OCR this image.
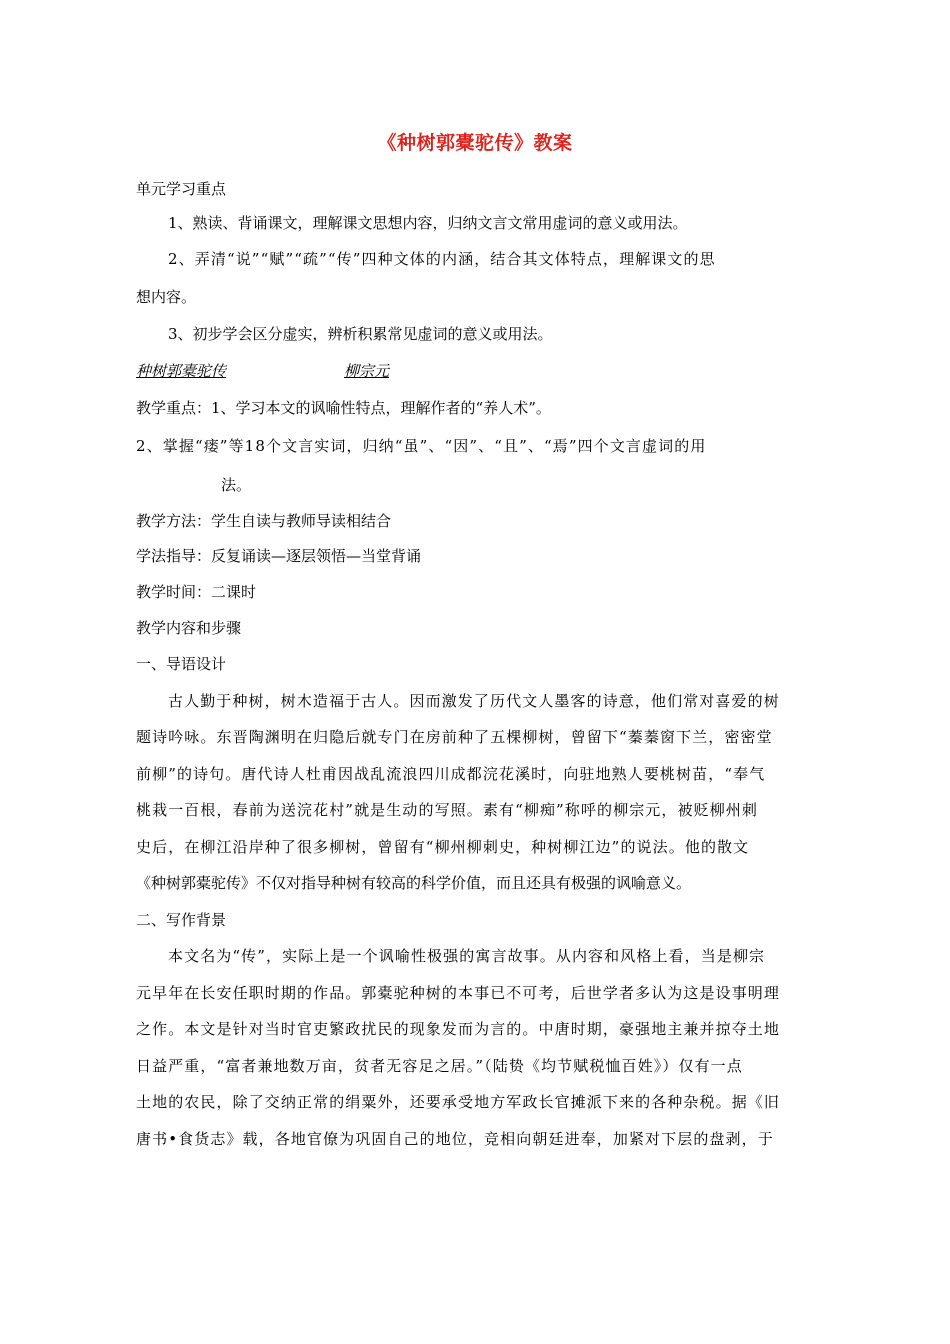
《种树郭橐驼传》教案
单元学习重点
1、熟读、背诵课文，理解课文思想内容，归纳文言文常用虚词的意义或用法。
2、弄清“说”“赋”“疏”“传”四种文体的内涵，结合其文体特点，理解课文的思
想内容。
3、初步学会区分虚实，辨析积累常见虚词的意义或用法。
种树郭橐驼传	柳宗元
教学重点：1、学习本文的讽喻性特点，理解作者的“养人术”。
2、掌握“瘘”等18个文言实词，归纳“虽”、“因”、“且”、“焉”四个文言虚词的用
法。
教学方法：学生自读与教师导读相结合
学法指导：反复诵读—逐层领悟—当堂背诵
教学时间：二课时
教学内容和步骤
一、导语设计
古人勤于种树，树木造福于古人。因而激发了历代文人墨客的诗意，他们常对喜爱的树
题诗吟咏。东晋陶渊明在归隐后就专门在房前种了五棵柳树，曾留下“蓁蓁窗下兰，密密堂
前柳”的诗句。唐代诗人杜甫因战乱流浪四川成都浣花溪时，向驻地熟人要桃树苗，“奉气
桃栽一百根，春前为送浣花村”就是生动的写照。素有“柳痴”称呼的柳宗元，被贬柳州刺
史后，在柳江沿岸种了很多柳树，曾留有“柳州柳刺史，种树柳江边”的说法。他的散文
《种树郭橐驼传》不仅对指导种树有较高的科学价值，而且还具有极强的讽喻意义。
二、写作背景
本文名为“传”，实际上是一个讽喻性极强的寓言故事。从内容和风格上看，当是柳宗
元早年在长安任职时期的作品。郭橐驼种树的本事已不可考，后世学者多认为这是设事明理
之作。本文是针对当时官吏繁政扰民的现象发而为言的。中唐时期，豪强地主兼并掠夺土地
日益严重，“富者兼地数万亩，贫者无容足之居。”（陆贽《均节赋税恤百姓》）仅有一点
土地的农民，除了交纳正常的绢粟外，还要承受地方军政长官摊派下来的各种杂税。据《旧
唐书•食货志》载，各地官僚为巩固自己的地位，竞相向朝廷进奉，加紧对下层的盘剥，于
